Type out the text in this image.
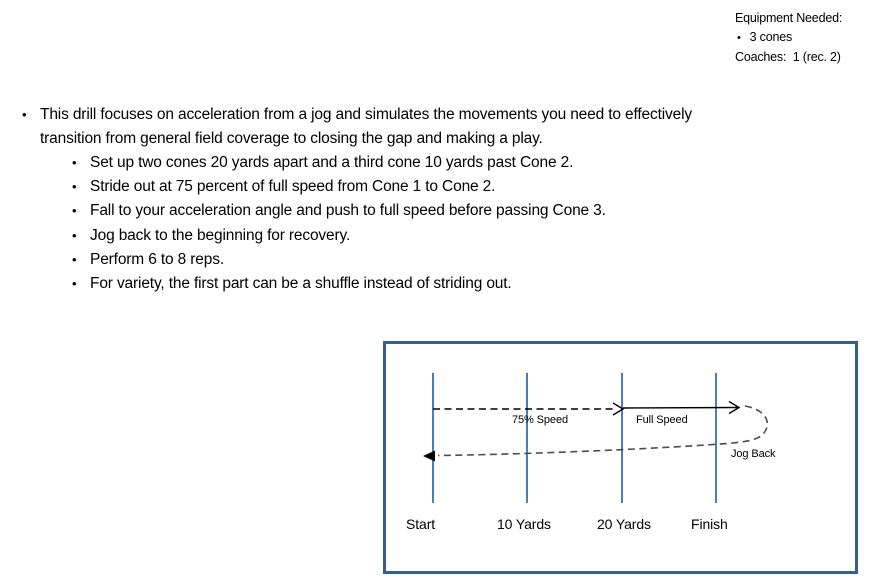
Equipment Needed:
• 3 cones
Coaches:  1 (rec. 2)
•
This drill focuses on acceleration from a jog and simulates the movements you need to effectively transition from general field coverage to closing the gap and making a play.
•
Set up two cones 20 yards apart and a third cone 10 yards past Cone 2.
•
Stride out at 75 percent of full speed from Cone 1 to Cone 2.
•
Fall to your acceleration angle and push to full speed before passing Cone 3.
•
Jog back to the beginning for recovery.
•
Perform 6 to 8 reps.
•
For variety, the first part can be a shuffle instead of striding out.
75% Speed	Full Speed
Jog Back
Start	10 Yards	20 Yards	Finish
